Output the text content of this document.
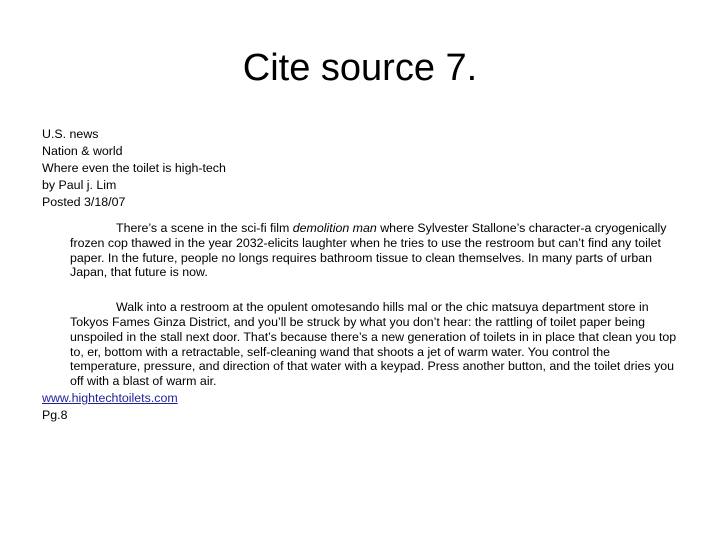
Cite source 7.
U.S. news
Nation & world
Where even the toilet is high-tech
by Paul j. Lim
Posted 3/18/07
There’s a scene in the sci-fi film demolition man where Sylvester Stallone’s character-a cryogenically frozen cop thawed in the year 2032-elicits laughter when he tries to use the restroom but can’t find any toilet paper. In the future, people no longs requires bathroom tissue to clean themselves. In many parts of urban Japan, that future is now.
Walk into a restroom at the opulent omotesando hills mal or the chic matsuya department store in Tokyos Fames Ginza District, and you’ll be struck by what you don’t hear: the rattling of toilet paper being unspoiled in the stall next door. That’s because there’s a new generation of toilets in in place that clean you top to, er, bottom with a retractable, self-cleaning wand that shoots a jet of warm water. You control the temperature, pressure, and direction of that water with a keypad. Press another button, and the toilet dries you off with a blast of warm air.
www.hightechtoilets.com
Pg.8
